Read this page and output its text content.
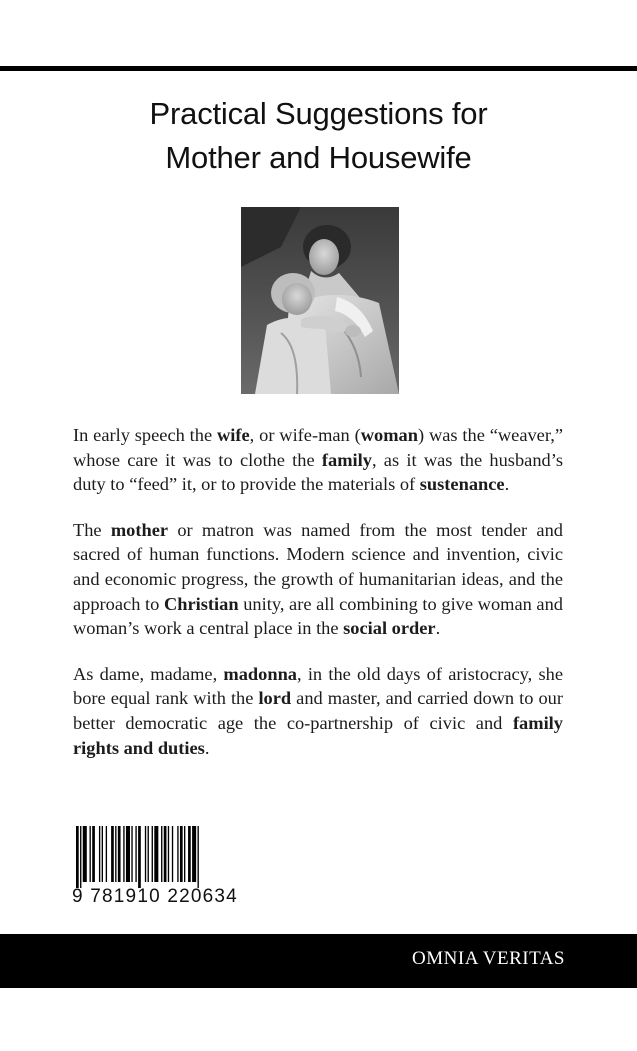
Practical Suggestions for
Mother and Housewife

In early speech the wife, or wife-man (woman) was the “weaver,” whose care it was to clothe the family, as it was the husband’s duty to “feed” it, or to provide the materials of sustenance.

The mother or matron was named from the most tender and sacred of human functions. Modern science and invention, civic and economic progress, the growth of humanitarian ideas, and the approach to Christian unity, are all combining to give woman and woman’s work a central place in the social order.

As dame, madame, madonna, in the old days of aristocracy, she bore equal rank with the lord and master, and carried down to our better democratic age the co-partnership of civic and family rights and duties.

9 781910 220634
OMNIA VERITAS
